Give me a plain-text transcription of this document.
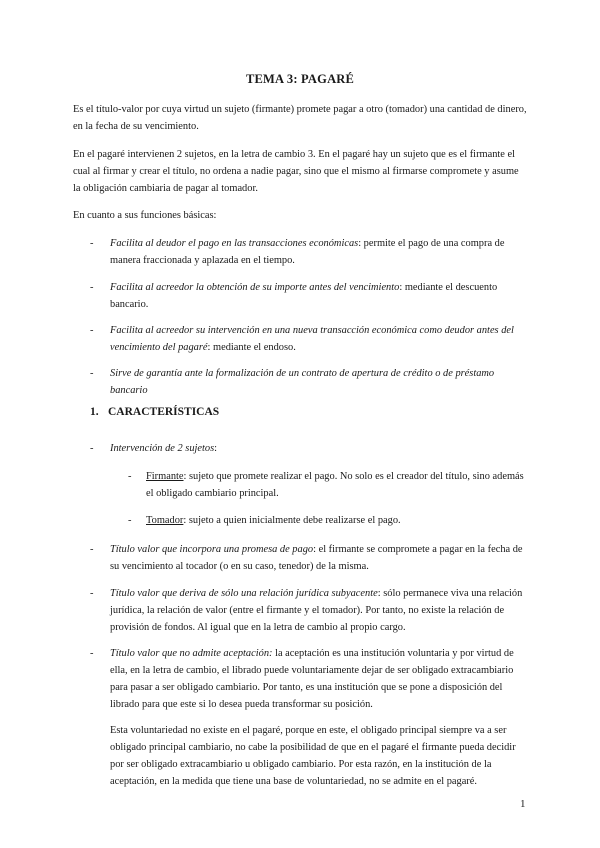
TEMA 3: PAGARÉ
Es el título-valor por cuya virtud un sujeto (firmante) promete pagar a otro (tomador) una cantidad de dinero, en la fecha de su vencimiento.
En el pagaré intervienen 2 sujetos, en la letra de cambio 3. En el pagaré hay un sujeto que es el firmante el cual al firmar y crear el título, no ordena a nadie pagar, sino que el mismo al firmarse compromete y asume la obligación cambiaria de pagar al tomador.
En cuanto a sus funciones básicas:
- Facilita al deudor el pago en las transacciones económicas: permite el pago de una compra de manera fraccionada y aplazada en el tiempo.
- Facilita al acreedor la obtención de su importe antes del vencimiento: mediante el descuento bancario.
- Facilita al acreedor su intervención en una nueva transacción económica como deudor antes del vencimiento del pagaré: mediante el endoso.
- Sirve de garantía ante la formalización de un contrato de apertura de crédito o de préstamo bancario
1. CARACTERÍSTICAS
- Intervención de 2 sujetos:
- Firmante: sujeto que promete realizar el pago. No solo es el creador del título, sino además el obligado cambiario principal.
- Tomador: sujeto a quien inicialmente debe realizarse el pago.
- Título valor que incorpora una promesa de pago: el firmante se compromete a pagar en la fecha de su vencimiento al tocador (o en su caso, tenedor) de la misma.
- Título valor que deriva de sólo una relación jurídica subyacente: sólo permanece viva una relación jurídica, la relación de valor (entre el firmante y el tomador). Por tanto, no existe la relación de provisión de fondos. Al igual que en la letra de cambio al propio cargo.
- Título valor que no admite aceptación: la aceptación es una institución voluntaria y por virtud de ella, en la letra de cambio, el librado puede voluntariamente dejar de ser obligado extracambiario para pasar a ser obligado cambiario. Por tanto, es una institución que se pone a disposición del librado para que este si lo desea pueda transformar su posición.
Esta voluntariedad no existe en el pagaré, porque en este, el obligado principal siempre va a ser obligado principal cambiario, no cabe la posibilidad de que en el pagaré el firmante pueda decidir por ser obligado extracambiario u obligado cambiario. Por esta razón, en la institución de la aceptación, en la medida que tiene una base de voluntariedad, no se admite en el pagaré.
1
